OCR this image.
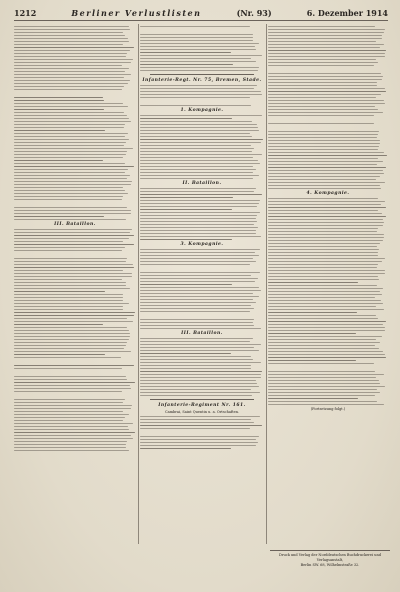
1212	Berliner Verlustlisten	(Nr. 93)	6. Dezember 1914
III. Bataillon.
Infanterie-Regt. Nr. 75, Bremen, Stade.
1. Kompagnie.
II. Bataillon.
3. Kompagnie.
III. Bataillon.
Infanterie-Regiment Nr. 161.
Cambrai, Saint Quentin u. a. Ortschaften.
4. Kompagnie.
(Fortsetzung folgt.)
Druck und Verlag der Norddeutschen Buchdruckerei und Verlagsanstalt,
Berlin SW. 68, Wilhelmstraße 32.
